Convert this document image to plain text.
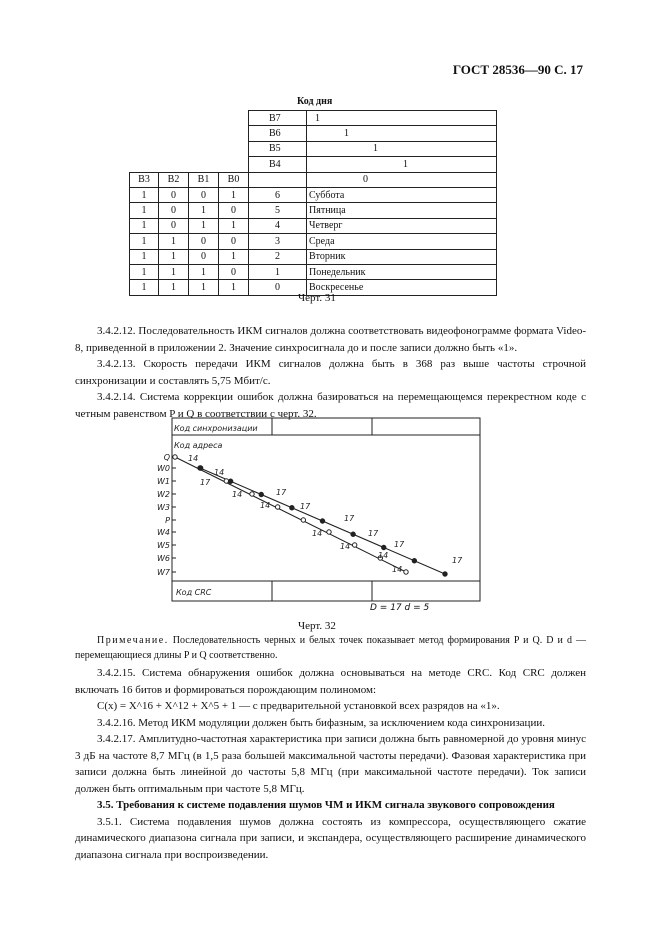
ГОСТ 28536—90 С. 17
Код дня
				B7	1
				B6	1
				B5	1
				B4	1
B3	B2	B1	B0		0
1	0	0	1	6	Суббота
1	0	1	0	5	Пятница
1	0	1	1	4	Четверг
1	1	0	0	3	Среда
1	1	0	1	2	Вторник
1	1	1	0	1	Понедельник
1	1	1	1	0	Воскресенье
Черт. 31

3.4.2.12. Последовательность ИКМ сигналов должна соответствовать видеофонограмме формата Video-8, приведенной в приложении 2. Значение синхросигнала до и после записи должно быть «1».

3.4.2.13. Скорость передачи ИКМ сигналов должна быть в 368 раз выше частоты строчной синхронизации и составлять 5,75 Мбит/с.

3.4.2.14. Система коррекции ошибок должна базироваться на перемещающемся перекрестном коде с четным равенством P и Q в соответствии с черт. 32.

Код синхронизации
Код адреса
Код CRC
Q
W0
W1
W2
W3
P
W4
W5
W6
W7
14
14
14
14
14
14
14
14
17
17
17
17
17
17
17
D = 17 d = 5
Черт. 32

Примечание. Последовательность черных и белых точек показывает метод формирования P и Q. D и d — перемещающиеся длины P и Q соответственно.

3.4.2.15. Система обнаружения ошибок должна основываться на методе CRC. Код CRC должен включать 16 битов и формироваться порождающим полиномом:

C(x) = X^16 + X^12 + X^5 + 1 — с предварительной установкой всех разрядов на «1».

3.4.2.16. Метод ИКМ модуляции должен быть бифазным, за исключением кода синхронизации.

3.4.2.17. Амплитудно-частотная характеристика при записи должна быть равномерной до уровня минус 3 дБ на частоте 8,7 МГц (в 1,5 раза большей максимальной частоты передачи). Фазовая характеристика при записи должна быть линейной до частоты 5,8 МГц (при максимальной частоте передачи). Ток записи должен быть оптимальным при частоте 5,8 МГц.

3.5. Требования к системе подавления шумов ЧМ и ИКМ сигнала звукового сопровождения

3.5.1. Система подавления шумов должна состоять из компрессора, осуществляющего сжатие динамического диапазона сигнала при записи, и экспандера, осуществляющего расширение динамического диапазона сигнала при воспроизведении.
